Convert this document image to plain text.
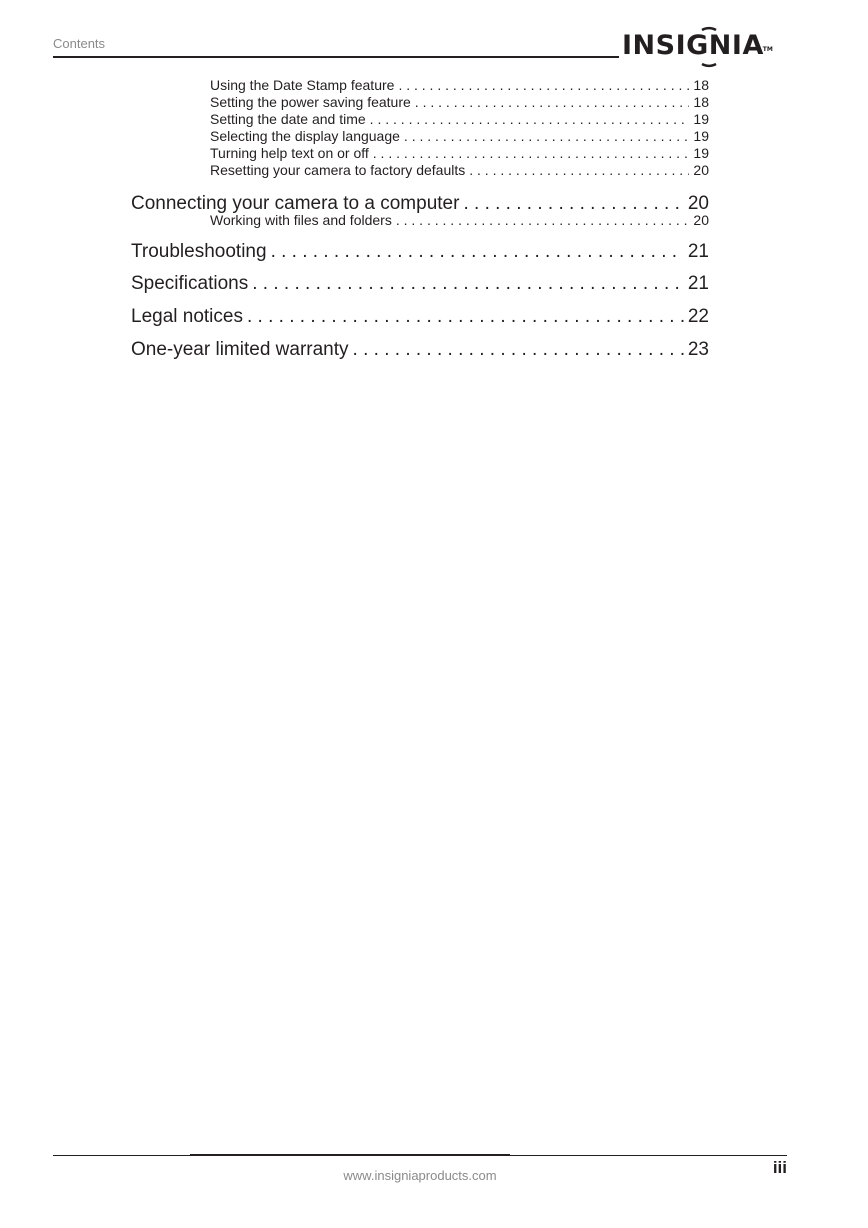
Contents	INSIGNIA
TM
Using the Date Stamp feature . . .	18
Setting the power saving feature . . .	18
Setting the date and time . . .	19
Selecting the display language . . .	19
Turning help text on or off . . .	19
Resetting your camera to factory defaults . . .	20
Connecting your camera to a computer . . .	20
Working with files and folders . . .	20
Troubleshooting . . .	21
Specifications . . .	21
Legal notices . . .	22
One-year limited warranty . . .	23
www.insigniaproducts.com	iii
